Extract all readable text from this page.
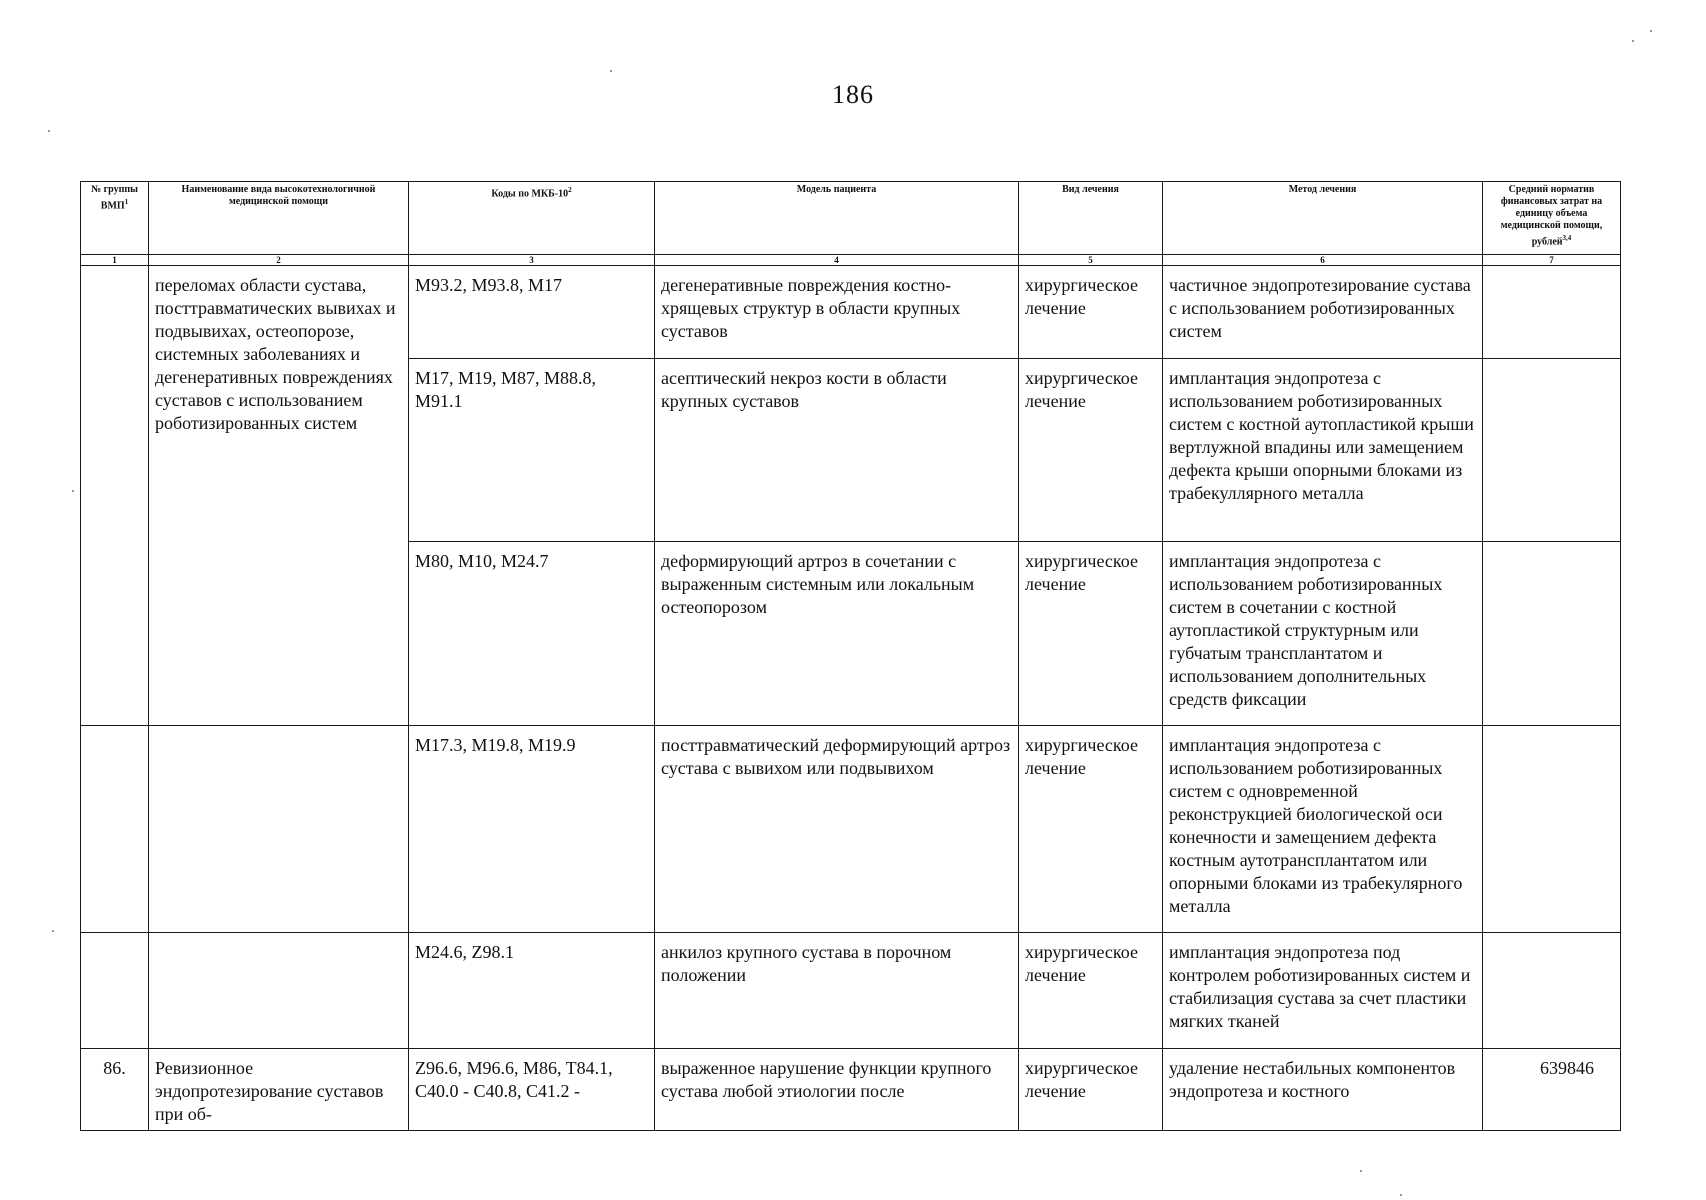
186
№ группы ВМП$^1$	Наименование вида высокотехнологичной медицинской помощи	Коды по МКБ-$10^2$	Модель пациента	Вид лечения	Метод лечения	Средний норматив финансовых затрат на единицу объема медицинской помощи, рублей$^{3,4}$
1	2	3	4	5	6	7
	переломах области сустава, посттравматических вывихах и подвывихах, остеопорозе, системных заболеваниях и дегенеративных повреждениях суставов с использованием роботизированных систем	M93.2, M93.8, M17	дегенеративные повреждения костно-хрящевых структур в области крупных суставов	хирургическое лечение	частичное эндопротезирование сустава с использованием роботизированных систем	
		M17, M19, M87, M88.8, M91.1	асептический некроз кости в области крупных суставов	хирургическое лечение	имплантация эндопротеза с использованием роботизированных систем с костной аутопластикой крыши вертлужной впадины или замещением дефекта крыши опорными блоками из трабекуллярного металла	
		M80, M10, M24.7	деформирующий артроз в сочетании с выраженным системным или локальным остеопорозом	хирургическое лечение	имплантация эндопротеза с использованием роботизированных систем в сочетании с костной аутопластикой структурным или губчатым трансплантатом и использованием дополнительных средств фиксации	
		M17.3, M19.8, M19.9	посттравматический деформирующий артроз сустава с вывихом или подвывихом	хирургическое лечение	имплантация эндопротеза с использованием роботизированных систем с одновременной реконструкцией биологической оси конечности и замещением дефекта костным аутотрансплантатом или опорными блоками из трабекулярного металла	
		M24.6, Z98.1	анкилоз крупного сустава в порочном положении	хирургическое лечение	имплантация эндопротеза под контролем роботизированных систем и стабилизация сустава за счет пластики мягких тканей	
86.	Ревизионное эндопротезирование суставов при об-	Z96.6, M96.6, M86, T84.1, C40.0 - C40.8, C41.2 -	выраженное нарушение функции крупного сустава любой этиологии после	хирургическое лечение	удаление нестабильных компонентов эндопротеза и костного	639846
